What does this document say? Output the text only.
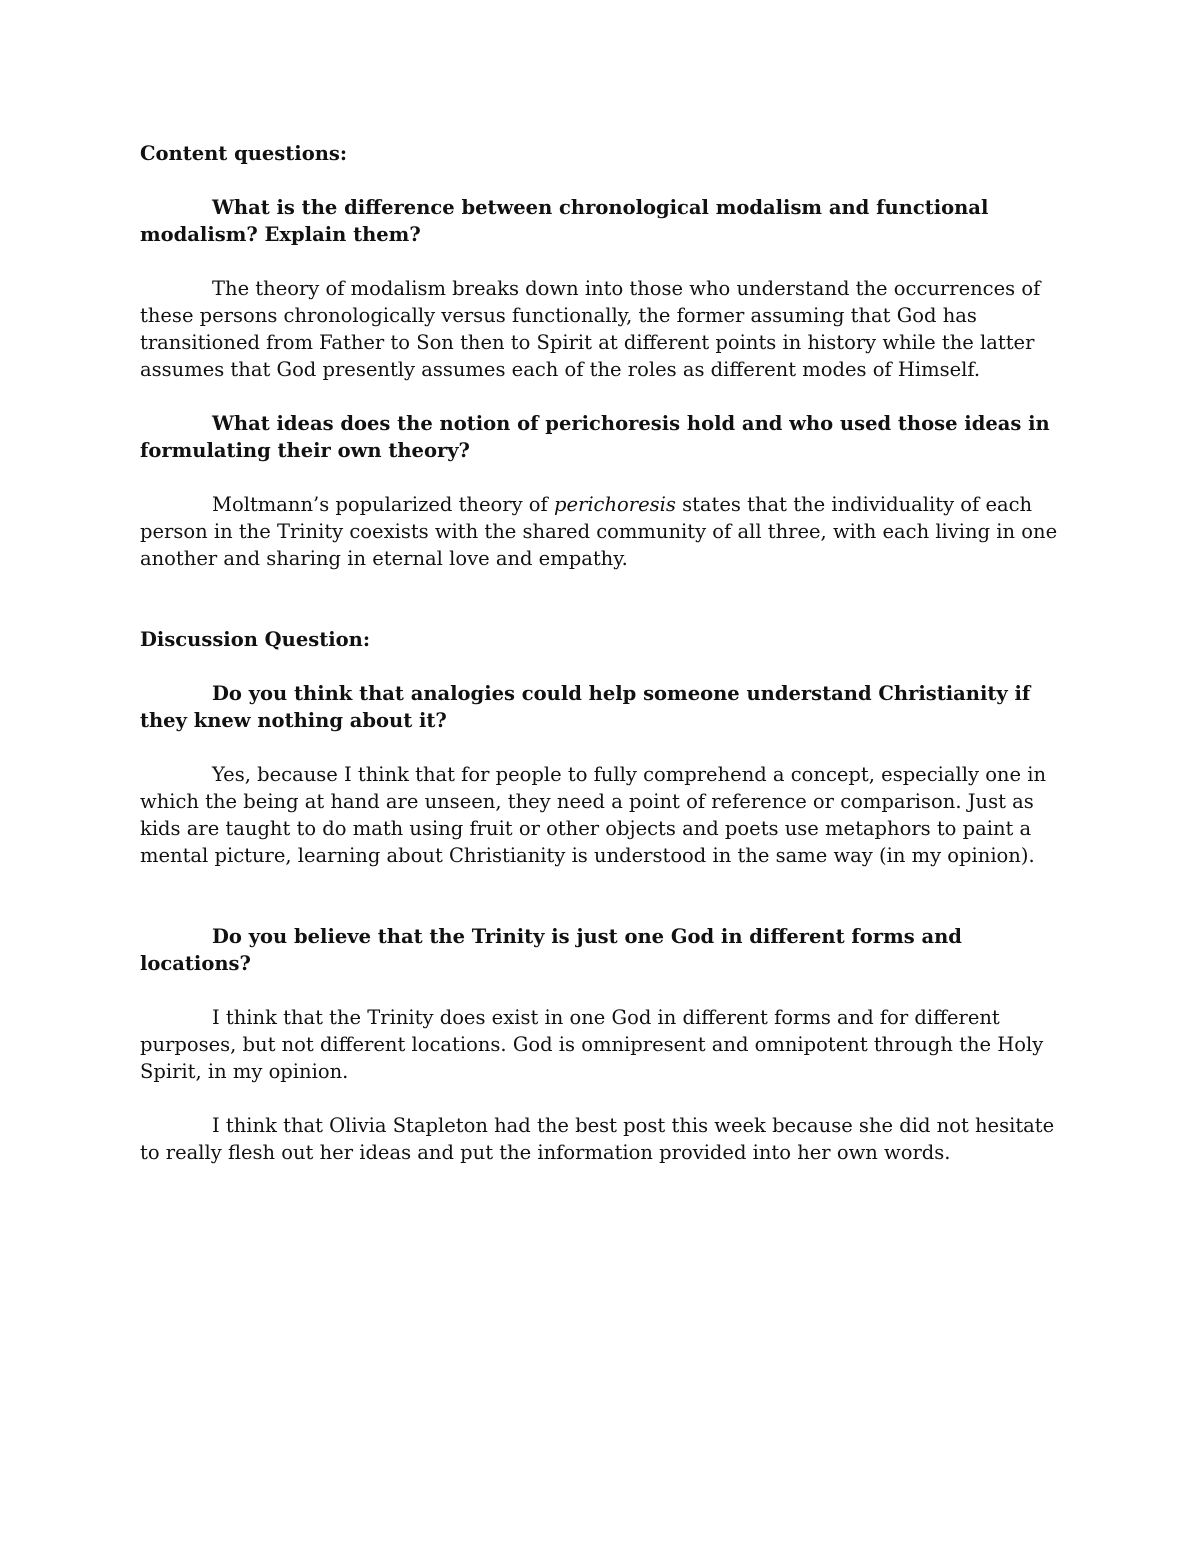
Content questions:

What is the difference between chronological modalism and functional modalism? Explain them?

The theory of modalism breaks down into those who understand the occurrences of these persons chronologically versus functionally, the former assuming that God has transitioned from Father to Son then to Spirit at different points in history while the latter assumes that God presently assumes each of the roles as different modes of Himself.

What ideas does the notion of perichoresis hold and who used those ideas in formulating their own theory?

Moltmann’s popularized theory of perichoresis states that the individuality of each person in the Trinity coexists with the shared community of all three, with each living in one another and sharing in eternal love and empathy.

Discussion Question:

Do you think that analogies could help someone understand Christianity if they knew nothing about it?

Yes, because I think that for people to fully comprehend a concept, especially one in which the being at hand are unseen, they need a point of reference or comparison. Just as kids are taught to do math using fruit or other objects and poets use metaphors to paint a mental picture, learning about Christianity is understood in the same way (in my opinion).

Do you believe that the Trinity is just one God in different forms and locations?

I think that the Trinity does exist in one God in different forms and for different purposes, but not different locations. God is omnipresent and omnipotent through the Holy Spirit, in my opinion.

I think that Olivia Stapleton had the best post this week because she did not hesitate to really flesh out her ideas and put the information provided into her own words.
